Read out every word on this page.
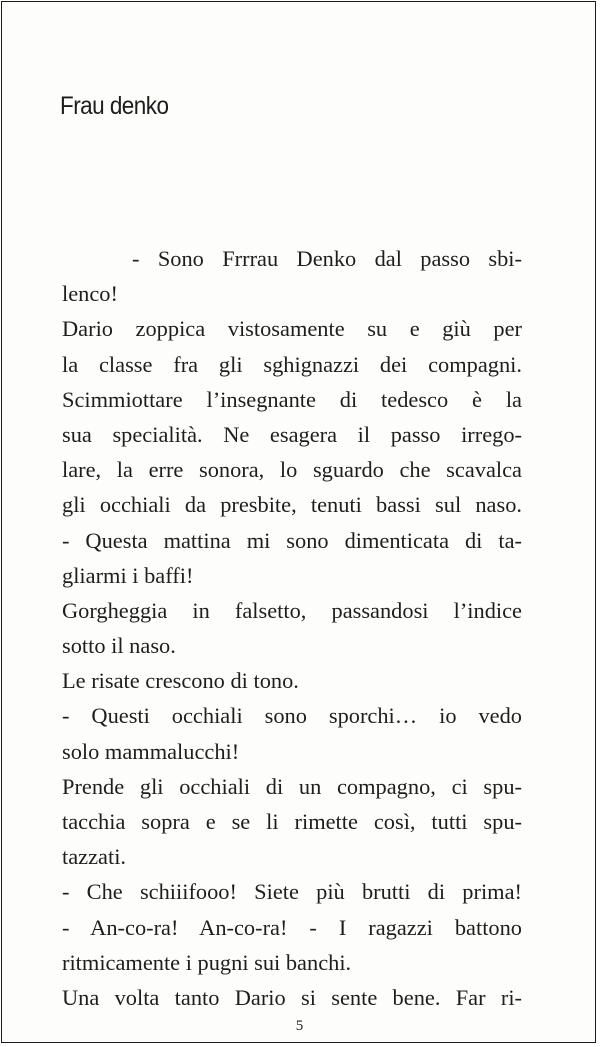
Frau denko
- Sono Frrrau Denko dal passo sbi-
lenco!
Dario zoppica vistosamente su e giù per
la classe fra gli sghignazzi dei compagni.
Scimmiottare l’insegnante di tedesco è la
sua specialità. Ne esagera il passo irrego-
lare, la erre sonora, lo sguardo che scavalca
gli occhiali da presbite, tenuti bassi sul naso.
- Questa mattina mi sono dimenticata di ta-
gliarmi i baffi!
Gorgheggia in falsetto, passandosi l’indice
sotto il naso.
Le risate crescono di tono.
- Questi occhiali sono sporchi… io vedo
solo mammalucchi!
Prende gli occhiali di un compagno, ci spu-
tacchia sopra e se li rimette così, tutti spu-
tazzati.
- Che schiiifooo! Siete più brutti di prima!
- An-co-ra! An-co-ra! - I ragazzi battono
ritmicamente i pugni sui banchi.
Una volta tanto Dario si sente bene. Far ri-
5
